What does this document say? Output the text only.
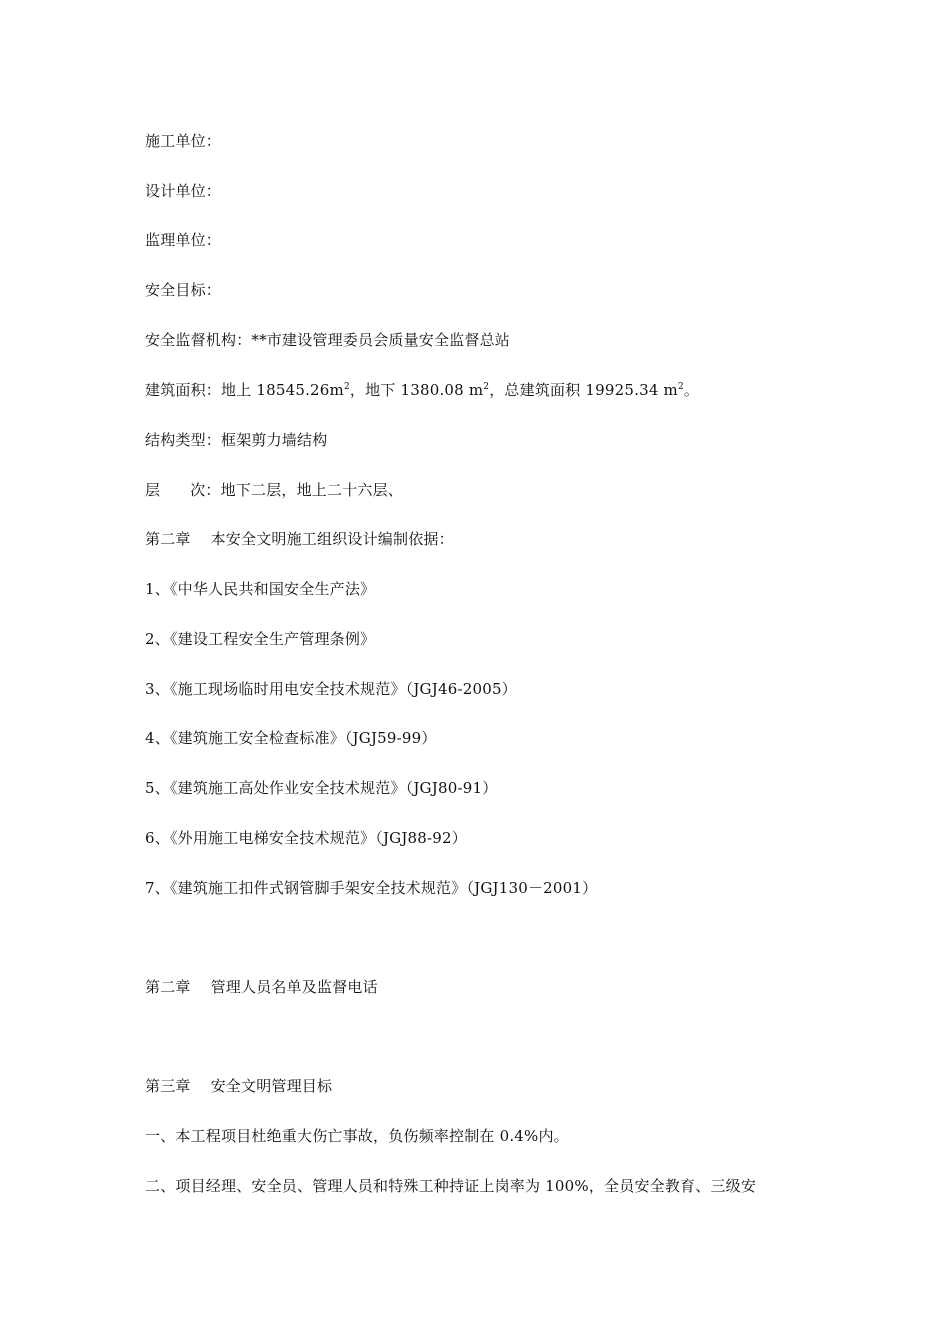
施工单位：
设计单位：
监理单位：
安全目标：
安全监督机构：**市建设管理委员会质量安全监督总站
建筑面积：地上 $18545.26m^2$，地下 1380.08 $m^2$，总建筑面积 19925.34 $m^2$。
结构类型：框架剪力墙结构
层 次：地下二层，地上二十六层、
第二章 本安全文明施工组织设计编制依据：
1、《中华人民共和国安全生产法》
2、《建设工程安全生产管理条例》
3、《施工现场临时用电安全技术规范》（JGJ46-2005）
4、《建筑施工安全检查标准》（JGJ59-99）
5、《建筑施工高处作业安全技术规范》（JGJ80-91）
6、《外用施工电梯安全技术规范》（JGJ88-92）
7、《建筑施工扣件式钢管脚手架安全技术规范》（JGJ130－2001）
第二章 管理人员名单及监督电话
第三章 安全文明管理目标
一、本工程项目杜绝重大伤亡事故，负伤频率控制在 0.4%内。
二、项目经理、安全员、管理人员和特殊工种持证上岗率为 100%，全员安全教育、三级安
